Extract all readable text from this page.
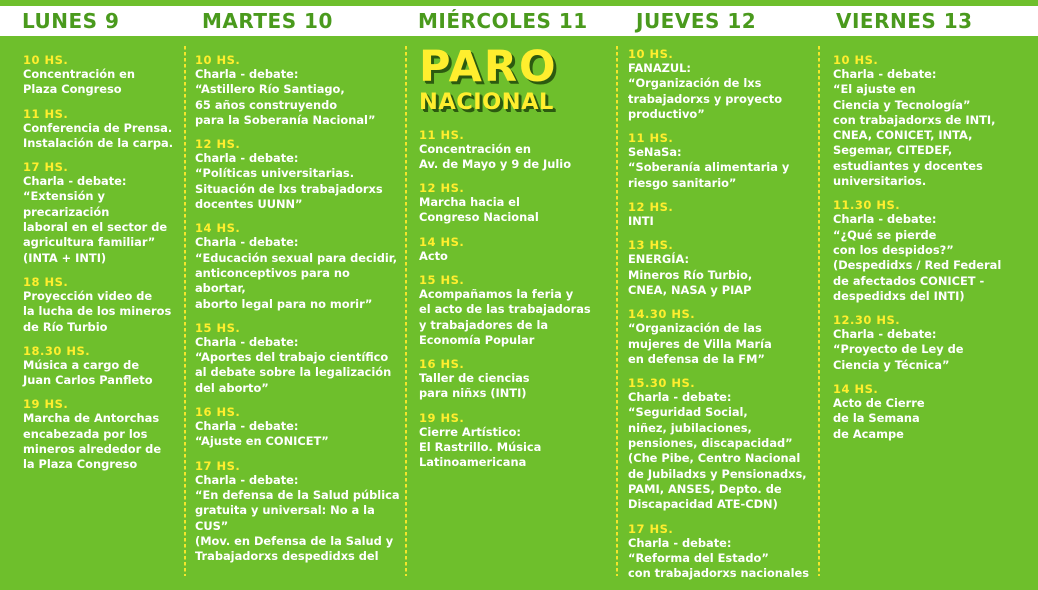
LUNES 9	MARTES 10	MIÉRCOLES 11 JUEVES 12	VIERNES 13
10 HS.
Concentración en
Plaza Congreso
11 HS.
Conferencia de Prensa.
Instalación de la carpa.
17 HS.
Charla - debate:
“Extensión y precarización
laboral en el sector de
agricultura familiar”
(INTA + INTI)
18 HS.
Proyección video de
la lucha de los mineros
de Río Turbio
18.30 HS.
Música a cargo de
Juan Carlos Panfleto
19 HS.
Marcha de Antorchas
encabezada por los
mineros alrededor de
la Plaza Congreso
10 HS.
Charla - debate:
“Astillero Río Santiago,
65 años construyendo
para la Soberanía Nacional”
12 HS.
Charla - debate:
“Políticas universitarias.
Situación de lxs trabajadorxs
docentes UUNN”
14 HS.
Charla - debate:
“Educación sexual para decidir,
anticonceptivos para no abortar,
aborto legal para no morir”
15 HS.
Charla - debate:
“Aportes del trabajo científico
al debate sobre la legalización
del aborto”
16 HS.
Charla - debate:
“Ajuste en CONICET”
17 HS.
Charla - debate:
“En defensa de la Salud pública
gratuita y universal: No a la CUS”
(Mov. en Defensa de la Salud y
Trabajadorxs despedidxs del
PARO
NACIONAL
11 HS.
Concentración en
Av. de Mayo y 9 de Julio
12 HS.
Marcha hacia el
Congreso Nacional
14 HS.
Acto
15 HS.
Acompañamos la feria y
el acto de las trabajadoras
y trabajadores de la
Economía Popular
16 HS.
Taller de ciencias
para niñxs (INTI)
19 HS.
Cierre Artístico:
El Rastrillo. Música
Latinoamericana
10 HS.
FANAZUL:
“Organización de lxs
trabajadorxs y proyecto
productivo”
11 HS.
SeNaSa:
“Soberanía alimentaria y
riesgo sanitario”
12 HS.
INTI
13 HS.
ENERGÍA:
Mineros Río Turbio,
CNEA, NASA y PIAP
14.30 HS.
“Organización de las
mujeres de Villa María
en defensa de la FM”
15.30 HS.
Charla - debate:
“Seguridad Social,
niñez, jubilaciones,
pensiones, discapacidad”
(Che Pibe, Centro Nacional
de Jubiladxs y Pensionadxs,
PAMI, ANSES, Depto. de
Discapacidad ATE-CDN)
17 HS.
Charla - debate:
“Reforma del Estado”
con trabajadorxs nacionales
10 HS.
Charla - debate:
“El ajuste en
Ciencia y Tecnología”
con trabajadorxs de INTI,
CNEA, CONICET, INTA,
Segemar, CITEDEF,
estudiantes y docentes
universitarios.
11.30 HS.
Charla - debate:
“¿Qué se pierde
con los despidos?”
(Despedidxs / Red Federal
de afectados CONICET -
despedidxs del INTI)
12.30 HS.
Charla - debate:
“Proyecto de Ley de
Ciencia y Técnica”
14 HS.
Acto de Cierre
de la Semana
de Acampe
